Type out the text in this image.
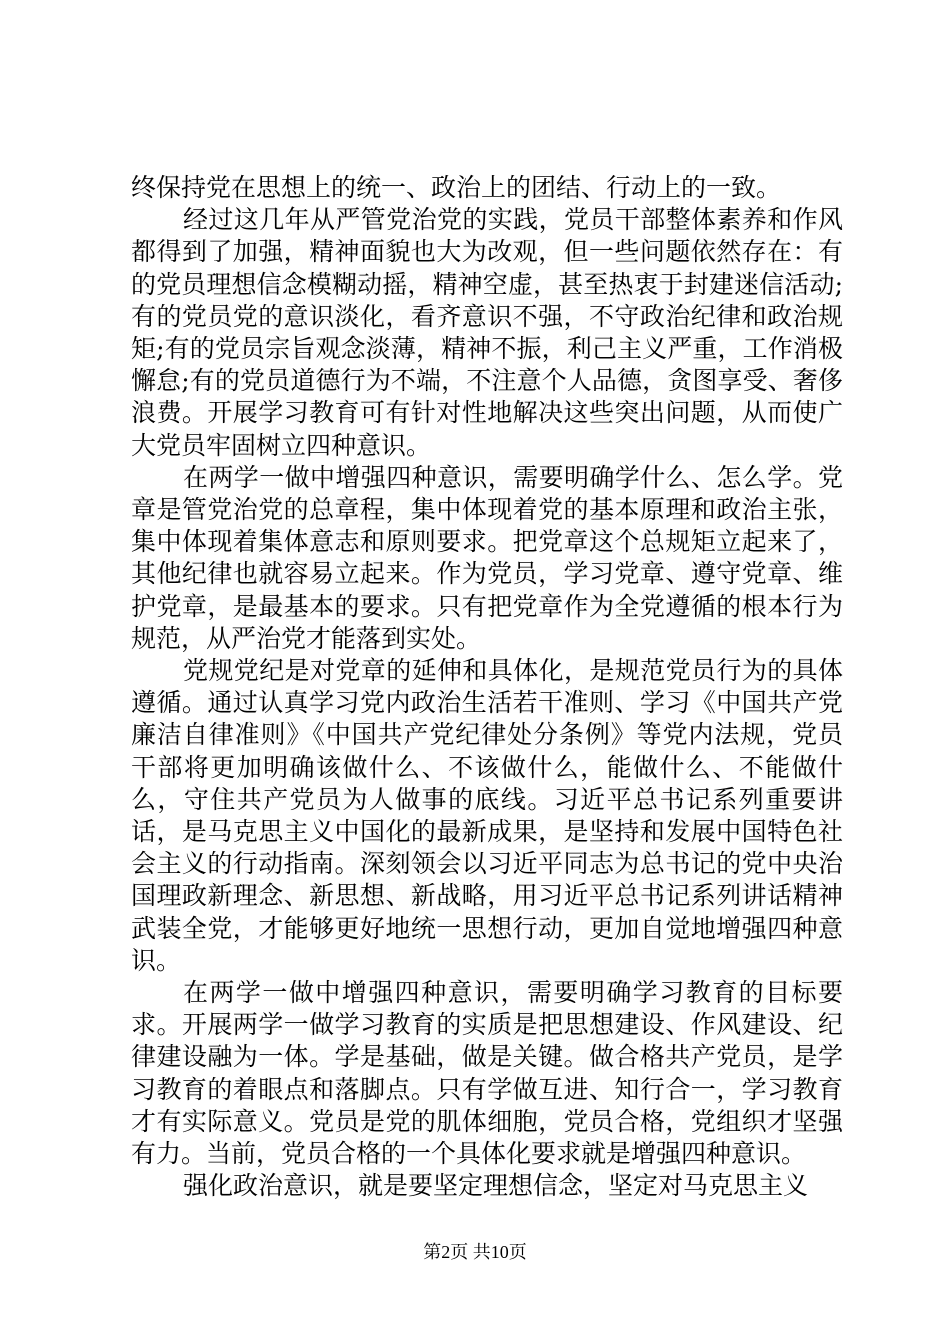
终保持党在思想上的统一、政治上的团结、行动上的一致。

经过这几年从严管党治党的实践，党员干部整体素养和作风都得到了加强，精神面貌也大为改观，但一些问题依然存在：有的党员理想信念模糊动摇，精神空虚，甚至热衷于封建迷信活动;有的党员党的意识淡化，看齐意识不强，不守政治纪律和政治规矩;有的党员宗旨观念淡薄，精神不振，利己主义严重，工作消极懈怠;有的党员道德行为不端，不注意个人品德，贪图享受、奢侈浪费。开展学习教育可有针对性地解决这些突出问题，从而使广大党员牢固树立四种意识。

在两学一做中增强四种意识，需要明确学什么、怎么学。党章是管党治党的总章程，集中体现着党的基本原理和政治主张，集中体现着集体意志和原则要求。把党章这个总规矩立起来了，其他纪律也就容易立起来。作为党员，学习党章、遵守党章、维护党章，是最基本的要求。只有把党章作为全党遵循的根本行为规范，从严治党才能落到实处。

党规党纪是对党章的延伸和具体化，是规范党员行为的具体遵循。通过认真学习党内政治生活若干准则、学习《中国共产党廉洁自律准则》《中国共产党纪律处分条例》等党内法规，党员干部将更加明确该做什么、不该做什么，能做什么、不能做什么，守住共产党员为人做事的底线。习近平总书记系列重要讲话，是马克思主义中国化的最新成果，是坚持和发展中国特色社会主义的行动指南。深刻领会以习近平同志为总书记的党中央治国理政新理念、新思想、新战略，用习近平总书记系列讲话精神武装全党，才能够更好地统一思想行动，更加自觉地增强四种意识。

在两学一做中增强四种意识，需要明确学习教育的目标要求。开展两学一做学习教育的实质是把思想建设、作风建设、纪律建设融为一体。学是基础，做是关键。做合格共产党员，是学习教育的着眼点和落脚点。只有学做互进、知行合一，学习教育才有实际意义。党员是党的肌体细胞，党员合格，党组织才坚强有力。当前，党员合格的一个具体化要求就是增强四种意识。

强化政治意识，就是要坚定理想信念，坚定对马克思主义

第2页 共10页
